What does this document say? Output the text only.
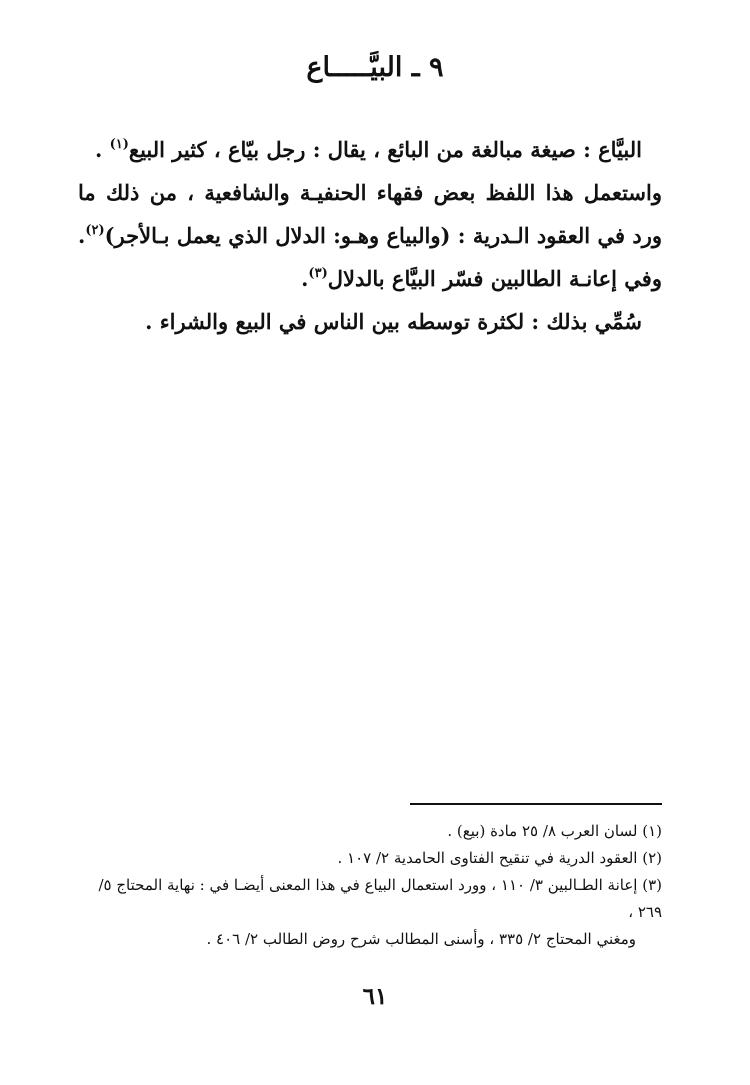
٩ ـ البيَّـــــاع

البيَّاع : صيغة مبالغة من البائع ، يقال : رجل بيّاع ، كثير البيع$^{(١)}$ .

واستعمل هذا اللفظ بعض فقهاء الحنفيـة والشافعية ، من ذلك ما ورد في العقود الـدرية : (والبياع وهـو: الدلال الذي يعمل بـالأجر)$^{(٢)}$. وفي إعانـة الطالبين فسّر البيَّاع بالدلال$^{(٣)}$.

سُمِّي بذلك : لكثرة توسطه بين الناس في البيع والشراء .

(١) لسان العرب ٨/ ٢٥ مادة (بيع) .

(٢) العقود الدرية في تنقيح الفتاوى الحامدية ٢/ ١٠٧ .

(٣) إعانة الطـالبين ٣/ ١١٠ ، وورد استعمال البياع في هذا المعنى أيضـا في : نهاية المحتاج ٥/ ٢٦٩ ،

ومغني المحتاج ٢/ ٣٣٥ ، وأسنى المطالب شرح روض الطالب ٢/ ٤٠٦ .

٦١
